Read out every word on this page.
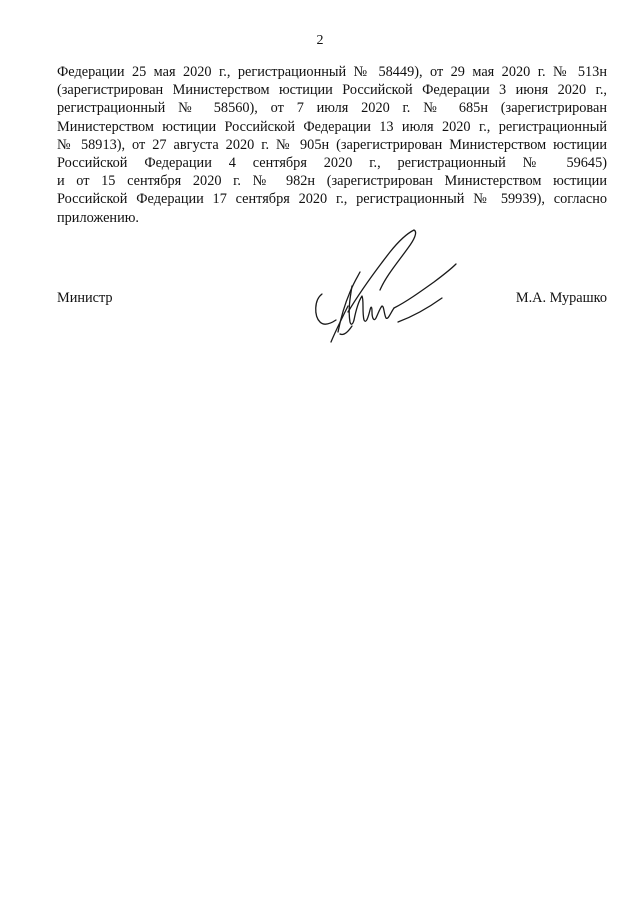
2

Федерации 25 мая 2020 г., регистрационный № 58449), от 29 мая 2020 г. № 513н
(зарегистрирован Министерством юстиции Российской Федерации 3 июня 2020 г.,
регистрационный № 58560), от 7 июля 2020 г. № 685н (зарегистрирован
Министерством юстиции Российской Федерации 13 июля 2020 г., регистрационный
№ 58913), от 27 августа 2020 г. № 905н (зарегистрирован Министерством юстиции
Российской Федерации 4 сентября 2020 г., регистрационный № 59645)
и от 15 сентября 2020 г. № 982н (зарегистрирован Министерством юстиции
Российской Федерации 17 сентября 2020 г., регистрационный № 59939), согласно
приложению.

Министр	М.А. Мурашко
